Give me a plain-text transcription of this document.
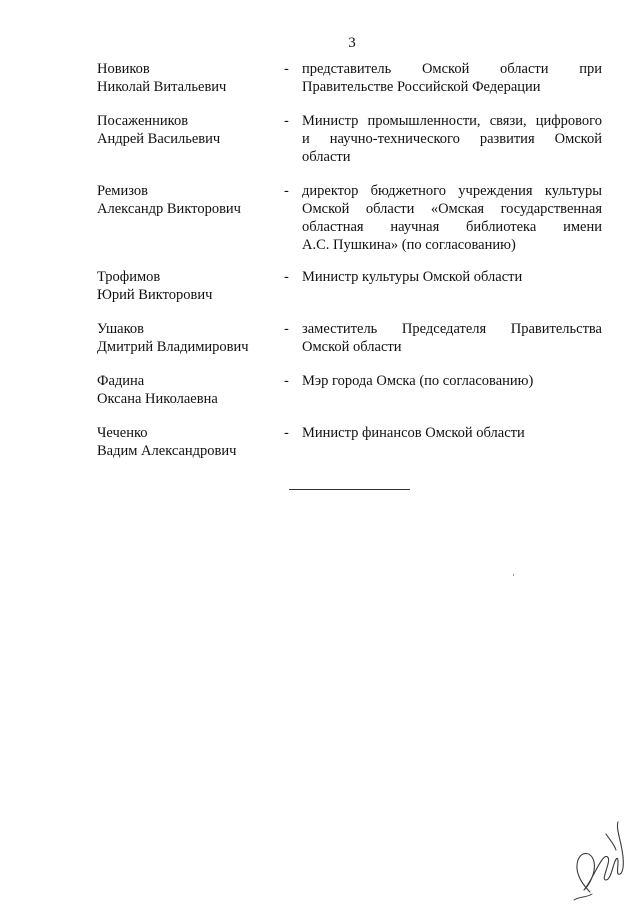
3
Новиков
Николай Витальевич
- представитель Омской области при
Правительстве Российской Федерации
Посаженников
Андрей Васильевич
- Министр промышленности, связи, цифрового
и научно-технического развития Омской
области
Ремизов
Александр Викторович
- директор бюджетного учреждения культуры
Омской области «Омская государственная
областная научная библиотека имени
А.С. Пушкина» (по согласованию)
Трофимов
Юрий Викторович
- Министр культуры Омской области
Ушаков
Дмитрий Владимирович
- заместитель Председателя Правительства
Омской области
Фадина
Оксана Николаевна
- Мэр города Омска (по согласованию)
Чеченко
Вадим Александрович
- Министр финансов Омской области
